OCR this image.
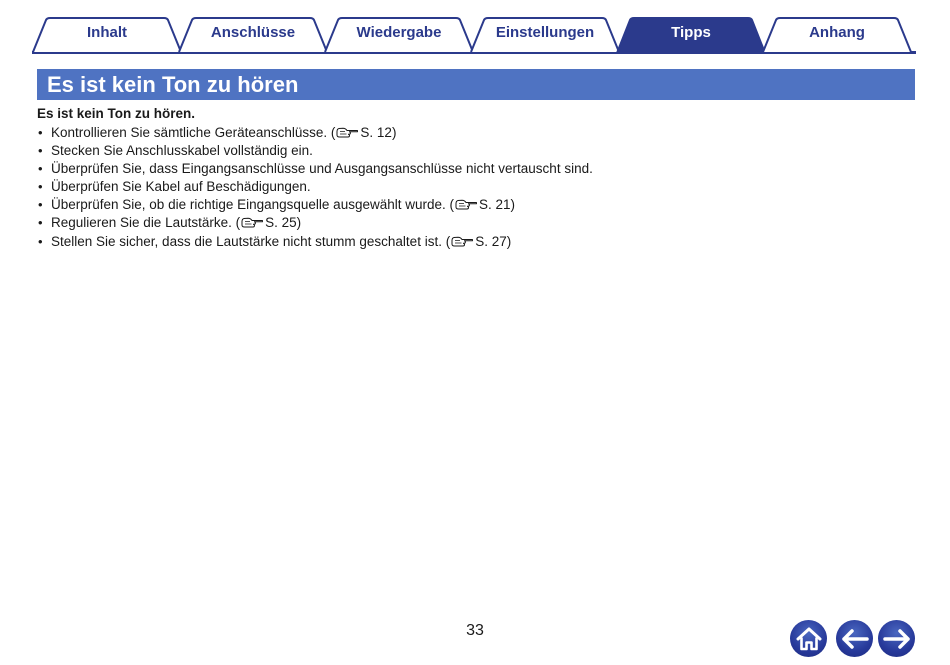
Inhalt	Anschlüsse	Wiedergabe	Einstellungen	Tipps	Anhang
Es ist kein Ton zu hören

Es ist kein Ton zu hören.

• Kontrollieren Sie sämtliche Geräteanschlüsse. ( S. 12)
• Stecken Sie Anschlusskabel vollständig ein.
• Überprüfen Sie, dass Eingangsanschlüsse und Ausgangsanschlüsse nicht vertauscht sind.
• Überprüfen Sie Kabel auf Beschädigungen.
• Überprüfen Sie, ob die richtige Eingangsquelle ausgewählt wurde. ( S. 21)
• Regulieren Sie die Lautstärke. ( S. 25)
• Stellen Sie sicher, dass die Lautstärke nicht stumm geschaltet ist. ( S. 27)
33
